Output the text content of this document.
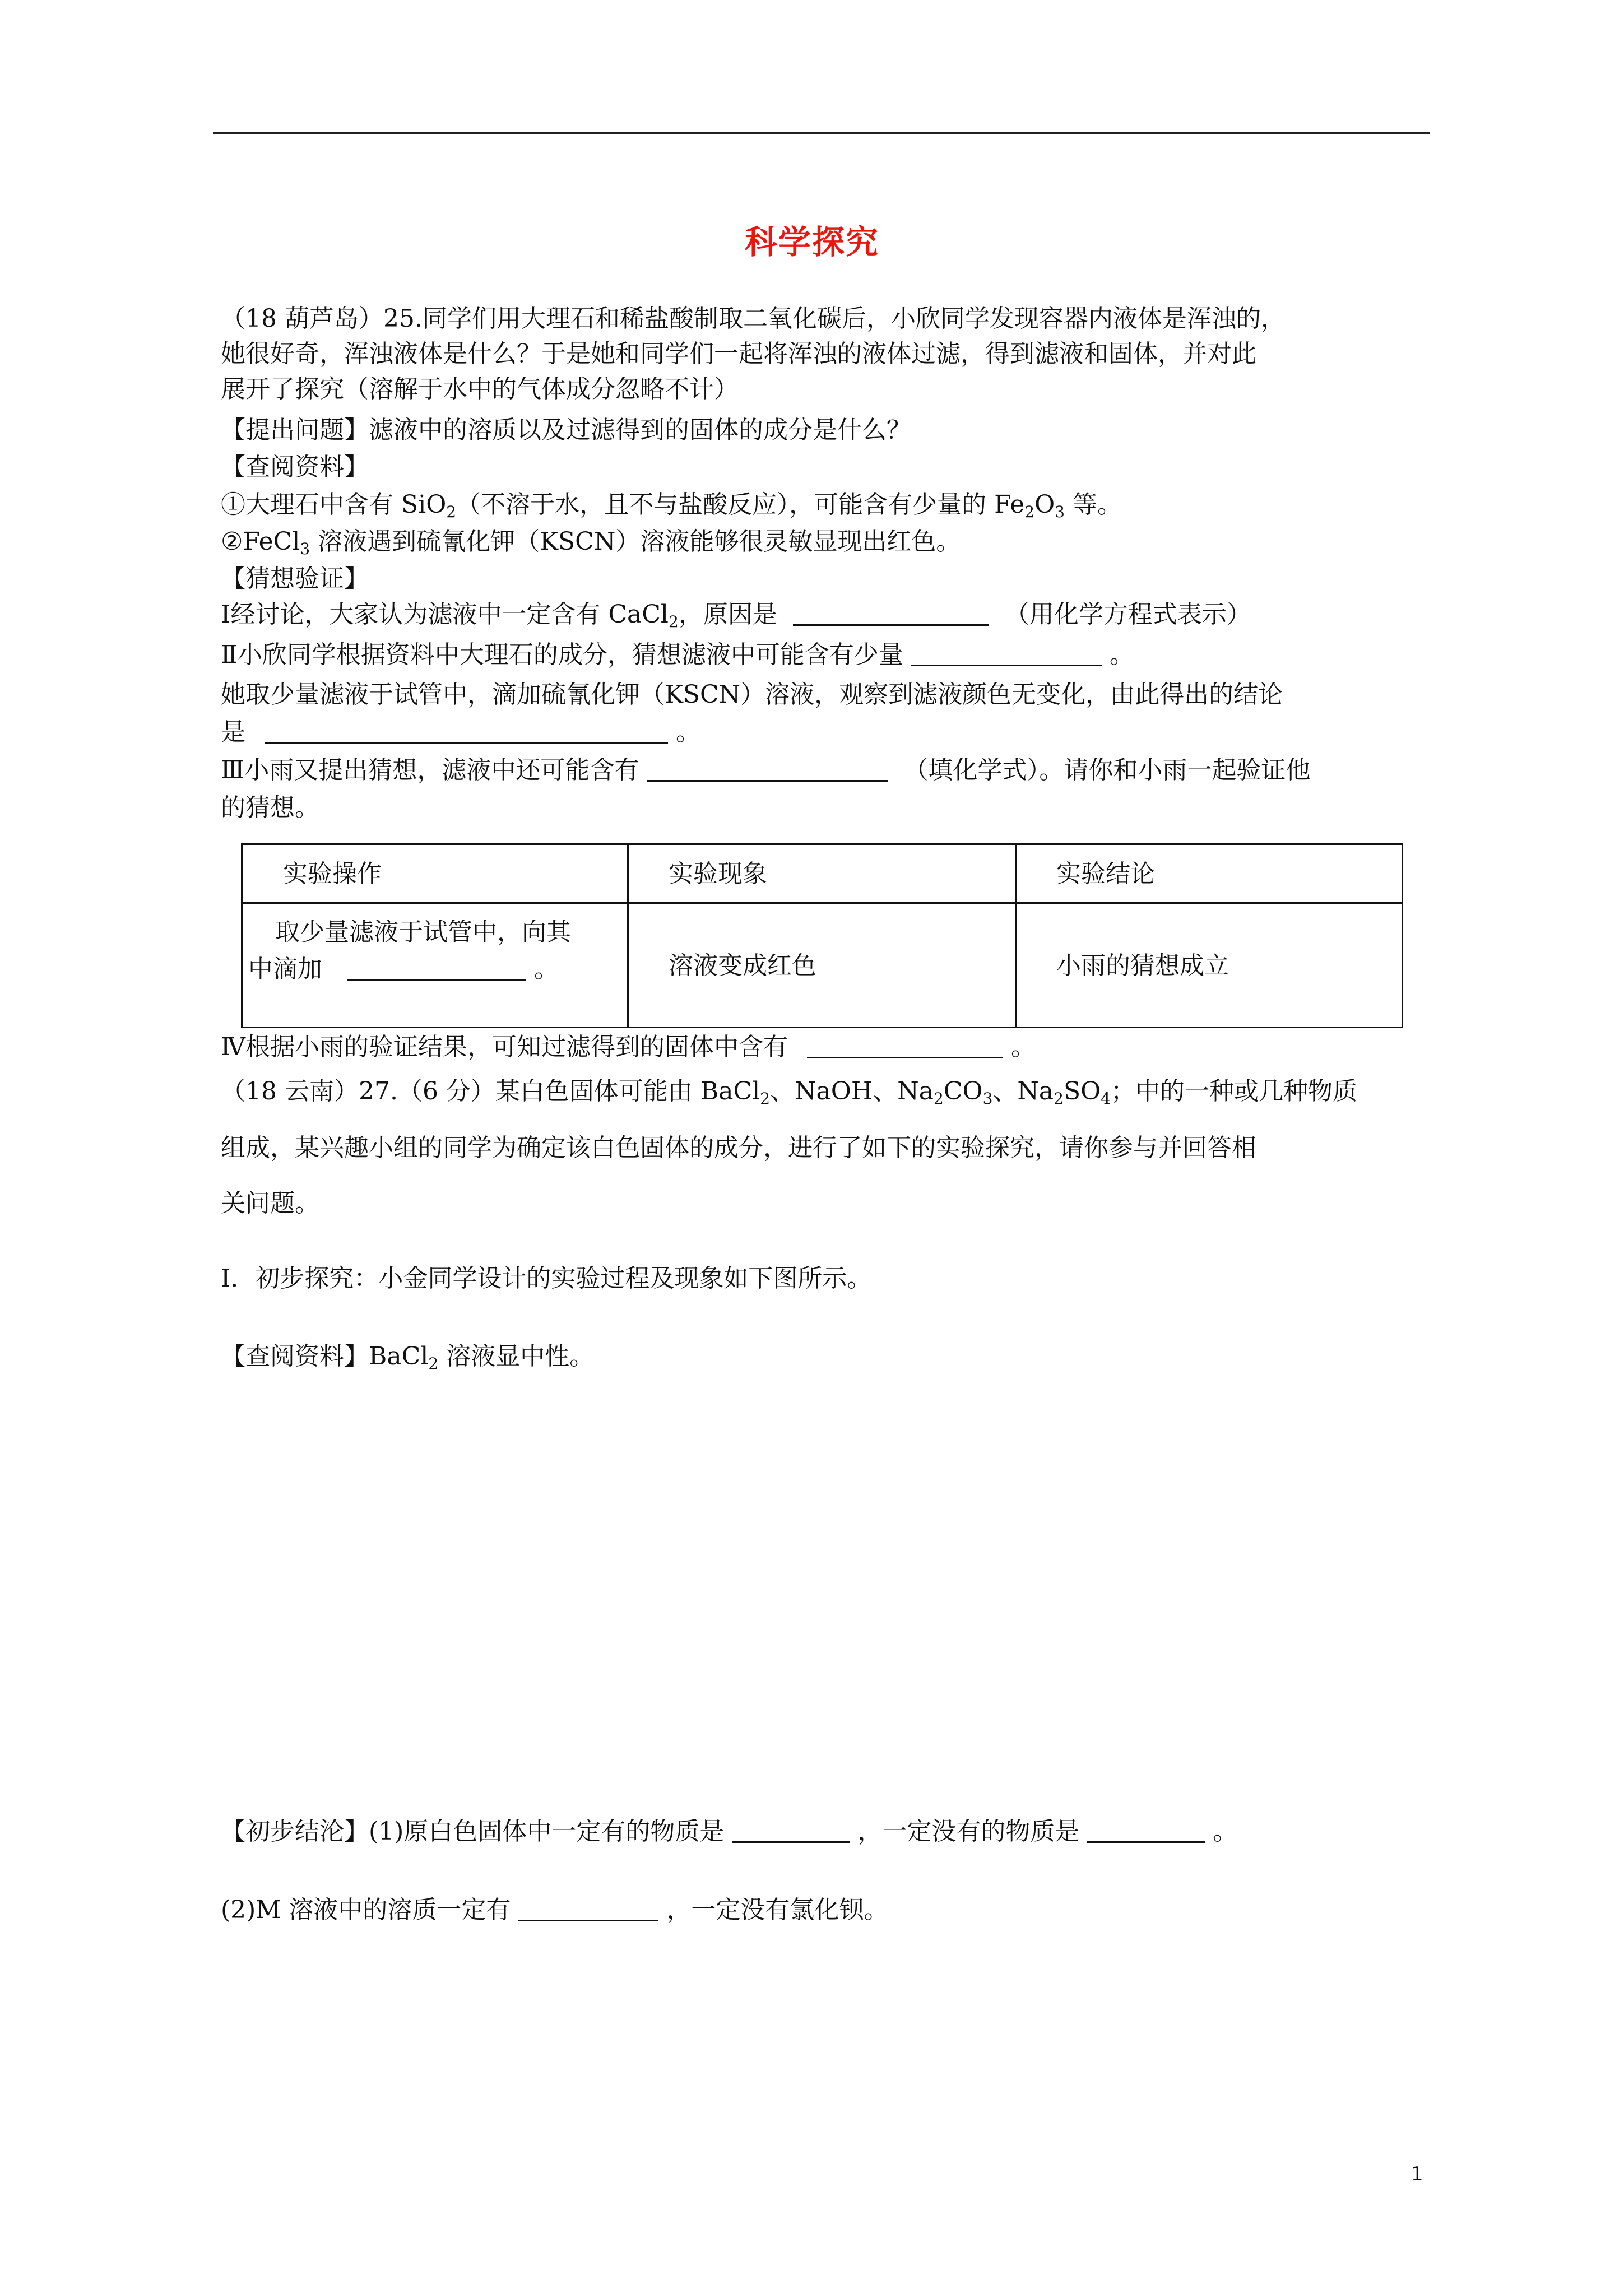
科学探究
（18 葫芦岛）25.同学们用大理石和稀盐酸制取二氧化碳后，小欣同学发现容器内液体是浑浊的，
她很好奇，浑浊液体是什么？于是她和同学们一起将浑浊的液体过滤，得到滤液和固体，并对此
展开了探究（溶解于水中的气体成分忽略不计）
【提出问题】滤液中的溶质以及过滤得到的固体的成分是什么？
【查阅资料】
①大理石中含有 SiO$_2$（不溶于水，且不与盐酸反应），可能含有少量的 $Fe_2O_3$ 等。
②FeCl$_3$ 溶液遇到硫氰化钾（KSCN）溶液能够很灵敏显现出红色。
【猜想验证】
Ⅰ经讨论，大家认为滤液中一定含有 CaCl$_2$，原因是	（用化学方程式表示）
Ⅱ小欣同学根据资料中大理石的成分，猜想滤液中可能含有少量	。
她取少量滤液于试管中，滴加硫氰化钾（KSCN）溶液，观察到滤液颜色无变化，由此得出的结论
是	。
Ⅲ小雨又提出猜想，滤液中还可能含有	（填化学式）。请你和小雨一起验证他
的猜想。
实验操作	实验现象	实验结论
取少量滤液于试管中，向其
中滴加	。	溶液变成红色	小雨的猜想成立
Ⅳ根据小雨的验证结果，可知过滤得到的固体中含有	。
（18 云南）27.（6 分）某白色固体可能由 BaCl$_2$、NaOH、$Na_2CO_3$、$Na_2SO_4$；中的一种或几种物质
组成，某兴趣小组的同学为确定该白色固体的成分，进行了如下的实验探究，请你参与并回答相
关问题。
I．初步探究：小金同学设计的实验过程及现象如下图所示。
【查阅资料】BaCl$_2$ 溶液显中性。
【初步结沦】(1)原白色固体中一定有的物质是	，一定没有的物质是	。
(2)M 溶液中的溶质一定有	，一定没有氯化钡。
1
